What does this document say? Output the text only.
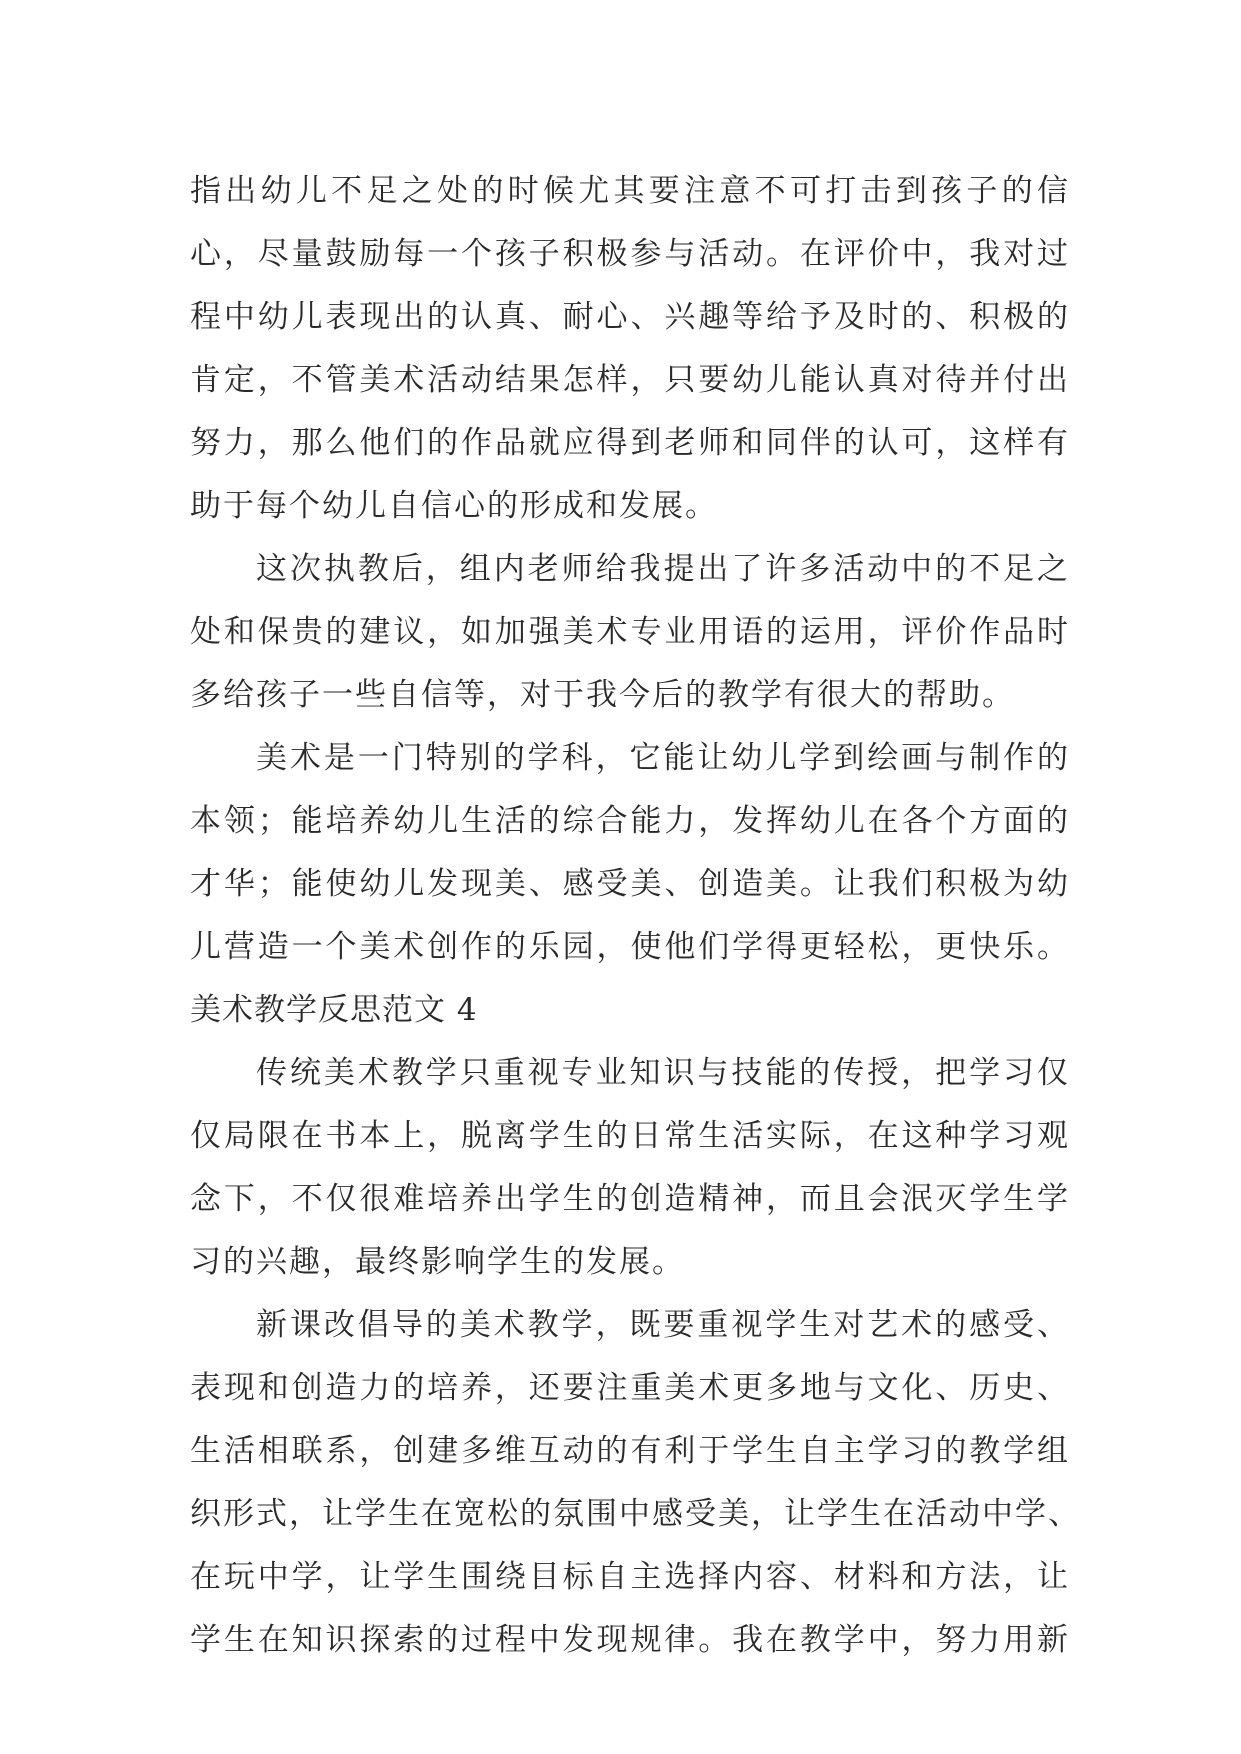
指出幼儿不足之处的时候尤其要注意不可打击到孩子的信
心，尽量鼓励每一个孩子积极参与活动。在评价中，我对过
程中幼儿表现出的认真、耐心、兴趣等给予及时的、积极的
肯定，不管美术活动结果怎样，只要幼儿能认真对待并付出
努力，那么他们的作品就应得到老师和同伴的认可，这样有
助于每个幼儿自信心的形成和发展。
这次执教后，组内老师给我提出了许多活动中的不足之
处和保贵的建议，如加强美术专业用语的运用，评价作品时
多给孩子一些自信等，对于我今后的教学有很大的帮助。
美术是一门特别的学科，它能让幼儿学到绘画与制作的
本领；能培养幼儿生活的综合能力，发挥幼儿在各个方面的
才华；能使幼儿发现美、感受美、创造美。让我们积极为幼
儿营造一个美术创作的乐园，使他们学得更轻松，更快乐。
美术教学反思范文 4
传统美术教学只重视专业知识与技能的传授，把学习仅
仅局限在书本上，脱离学生的日常生活实际，在这种学习观
念下，不仅很难培养出学生的创造精神，而且会泯灭学生学
习的兴趣，最终影响学生的发展。
新课改倡导的美术教学，既要重视学生对艺术的感受、
表现和创造力的培养，还要注重美术更多地与文化、历史、
生活相联系，创建多维互动的有利于学生自主学习的教学组
织形式，让学生在宽松的氛围中感受美，让学生在活动中学、
在玩中学，让学生围绕目标自主选择内容、材料和方法，让
学生在知识探索的过程中发现规律。我在教学中，努力用新
